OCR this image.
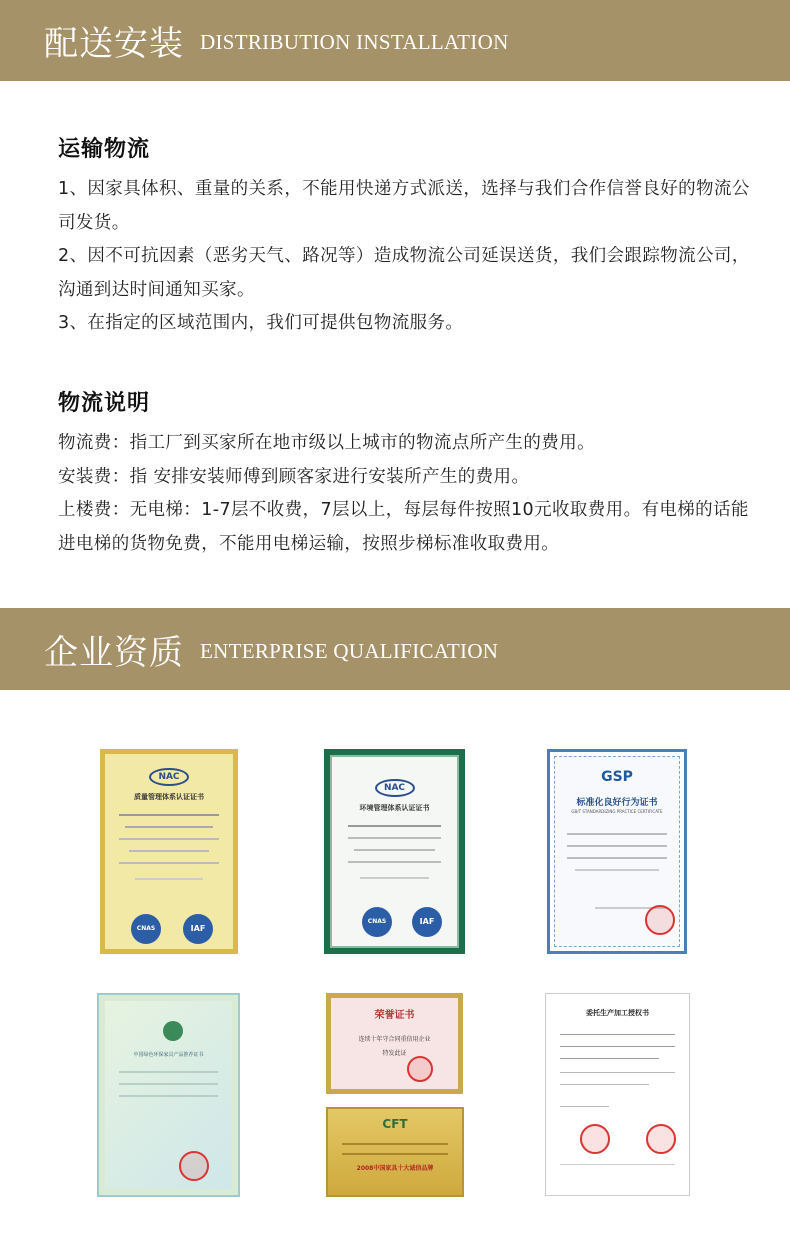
配送安装 DISTRIBUTION INSTALLATION
运输物流

1、因家具体积、重量的关系，不能用快递方式派送，选择与我们合作信誉良好的物流公司发货。

2、因不可抗因素（恶劣天气、路况等）造成物流公司延误送货，我们会跟踪物流公司，沟通到达时间通知买家。

3、在指定的区域范围内，我们可提供包物流服务。

物流说明

物流费：指工厂到买家所在地市级以上城市的物流点所产生的费用。

安装费：指 安排安装师傅到顾客家进行安装所产生的费用。

上楼费：无电梯：1-7层不收费，7层以上，每层每件按照10元收取费用。有电梯的话能进电梯的货物免费，不能用电梯运输，按照步梯标准收取费用。

企业资质 ENTERPRISE QUALIFICATION
NAC
质量管理体系认证证书
CNAS	IAF
NAC
环境管理体系认证证书
CNAS	IAF
GSP
标准化良好行为证书
GB/T STANDARDIZING PRACTICE CERTIFICATE
中国绿色环保家具产品推荐证书
荣誉证书
连续十年守合同重信用企业
特发此证
CFT
2008中国家具十大诚信品牌
委托生产加工授权书
